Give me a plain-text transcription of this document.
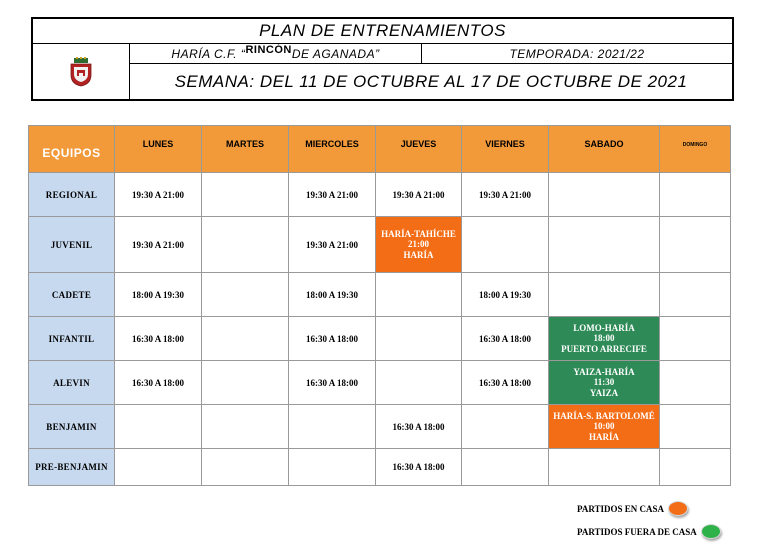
PLAN DE ENTRENAMIENTOS
HARÍA C.F. “ RINCÓN DE AGANADA”	TEMPORADA: 2021/22
SEMANA: DEL 11 DE OCTUBRE AL 17 DE OCTUBRE DE 2021
EQUIPOS	LUNES	MARTES	MIERCOLES	JUEVES	VIERNES	SABADO	DOMINGO
REGIONAL	19:30 A 21:00		19:30 A 21:00	19:30 A 21:00	19:30 A 21:00		
JUVENIL	19:30 A 21:00		19:30 A 21:00	HARÍA-TAHÍCHE
21:00
HARÍA			

CADETE	18:00 A 19:30		18:00 A 19:30		18:00 A 19:30		
INFANTIL	16:30 A 18:00		16:30 A 18:00		16:30 A 18:00	LOMO-HARÍA
18:00
PUERTO ARRECIFE	

ALEVIN	16:30 A 18:00		16:30 A 18:00		16:30 A 18:00	YAIZA-HARÍA
11:30
YAIZA	

BENJAMIN				16:30 A 18:00		HARÍA-S. BARTOLOMÉ
10:00
HARÍA	

PRE-BENJAMIN				16:30 A 18:00			
PARTIDOS EN CASA
PARTIDOS FUERA DE CASA
